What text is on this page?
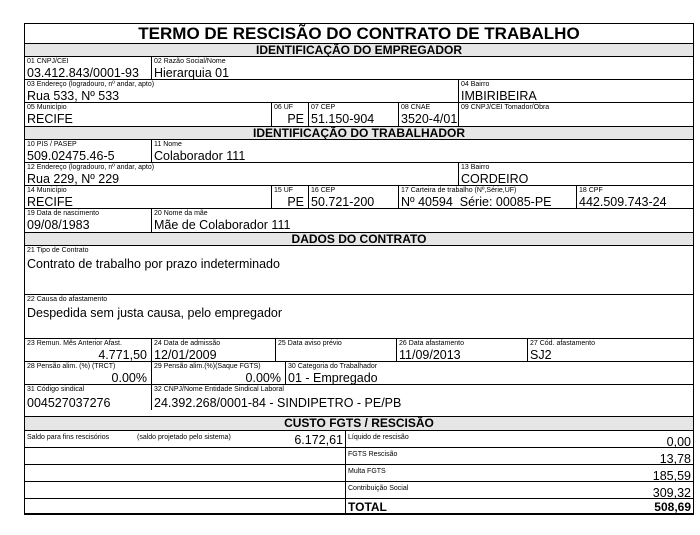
TERMO DE RESCISÃO DO CONTRATO DE TRABALHO
IDENTIFICAÇÃO DO EMPREGADOR
01 CNPJ/CEI
03.412.843/0001-93
02 Razão Social/Nome
Hierarquia 01
03 Endereço (logradouro, nº andar, apto)
Rua 533, Nº 533
04 Bairro
IMBIRIBEIRA
05 Município
RECIFE
06 UF
PE
07 CEP
51.150-904
08 CNAE
3520-4/01
09 CNPJ/CEI Tomador/Obra
IDENTIFICAÇÃO DO TRABALHADOR
10 PIS / PASEP
509.02475.46-5
11 Nome
Colaborador 111
12 Endereço (logradouro, nº andar, apto)
Rua 229, Nº 229
13 Bairro
CORDEIRO
14 Município
RECIFE
15 UF
PE
16 CEP
50.721-200
17 Carteira de trabalho (Nº,Série,UF)
Nº 40594  Série: 00085-PE
18 CPF
442.509.743-24
19 Data de nascimento
09/08/1983
20 Nome da mãe
Mãe de Colaborador 111
DADOS DO CONTRATO
21 Tipo de Contrato
Contrato de trabalho por prazo indeterminado
22 Causa do afastamento
Despedida sem justa causa, pelo empregador
23 Remun. Mês Anterior Afast.
4.771,50
24 Data de admissão
12/01/2009
25 Data aviso prévio	26 Data afastamento
11/09/2013
27 Cód. afastamento
SJ2
28 Pensão alim. (%) (TRCT)
0.00%
29 Pensão alim.(%)(Saque FGTS)
0.00%
30 Categoria do Trabalhador
01 - Empregado
31 Código sindical
004527037276
32 CNPJ/Nome Entidade Sindical Laboral
24.392.268/0001-84 - SINDIPETRO - PE/PB
CUSTO FGTS / RESCISÃO
Saldo para fins rescisórios	(saldo projetado pelo sistema)	6.172,61 Líquido de rescisão	0,00
FGTS Rescisão	13,78
Multa FGTS	185,59
Contribuição Social	309,32
TOTAL	508,69
